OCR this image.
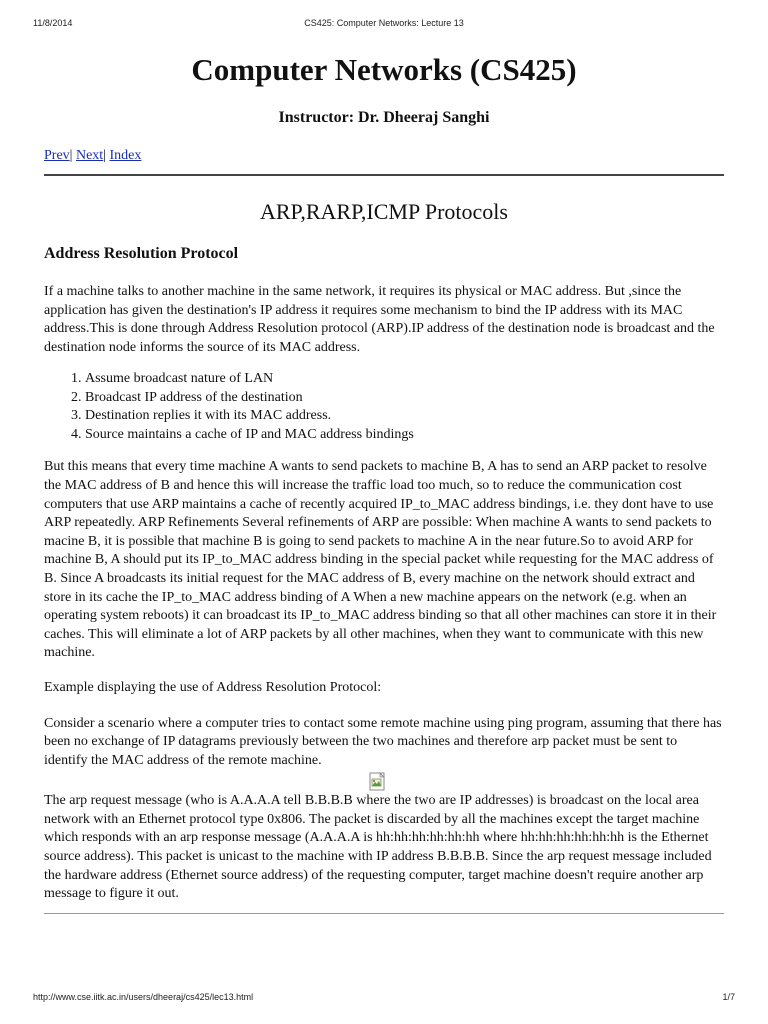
11/8/2014	CS425: Computer Networks: Lecture 13
Computer Networks (CS425)
Instructor: Dr. Dheeraj Sanghi
Prev| Next| Index
ARP,RARP,ICMP Protocols
Address Resolution Protocol

If a machine talks to another machine in the same network, it requires its physical or MAC address. But ,since the application has given the destination's IP address it requires some mechanism to bind the IP address with its MAC address.This is done through Address Resolution protocol (ARP).IP address of the destination node is broadcast and the destination node informs the source of its MAC address.

1. Assume broadcast nature of LAN
2. Broadcast IP address of the destination
3. Destination replies it with its MAC address.
4. Source maintains a cache of IP and MAC address bindings

But this means that every time machine A wants to send packets to machine B, A has to send an ARP packet to resolve the MAC address of B and hence this will increase the traffic load too much, so to reduce the communication cost computers that use ARP maintains a cache of recently acquired IP_to_MAC address bindings, i.e. they dont have to use ARP repeatedly. ARP Refinements Several refinements of ARP are possible: When machine A wants to send packets to macine B, it is possible that machine B is going to send packets to machine A in the near future.So to avoid ARP for machine B, A should put its IP_to_MAC address binding in the special packet while requesting for the MAC address of B. Since A broadcasts its initial request for the MAC address of B, every machine on the network should extract and store in its cache the IP_to_MAC address binding of A When a new machine appears on the network (e.g. when an operating system reboots) it can broadcast its IP_to_MAC address binding so that all other machines can store it in their caches. This will eliminate a lot of ARP packets by all other machines, when they want to communicate with this new machine.

Example displaying the use of Address Resolution Protocol:

Consider a scenario where a computer tries to contact some remote machine using ping program, assuming that there has been no exchange of IP datagrams previously between the two machines and therefore arp packet must be sent to identify the MAC address of the remote machine.

The arp request message (who is A.A.A.A tell B.B.B.B where the two are IP addresses) is broadcast on the local area network with an Ethernet protocol type 0x806. The packet is discarded by all the machines except the target machine which responds with an arp response message (A.A.A.A is hh:hh:hh:hh:hh:hh where hh:hh:hh:hh:hh:hh is the Ethernet source address). This packet is unicast to the machine with IP address B.B.B.B. Since the arp request message included the hardware address (Ethernet source address) of the requesting computer, target machine doesn't require another arp message to figure it out.

http://www.cse.iitk.ac.in/users/dheeraj/cs425/lec13.html	1/7
